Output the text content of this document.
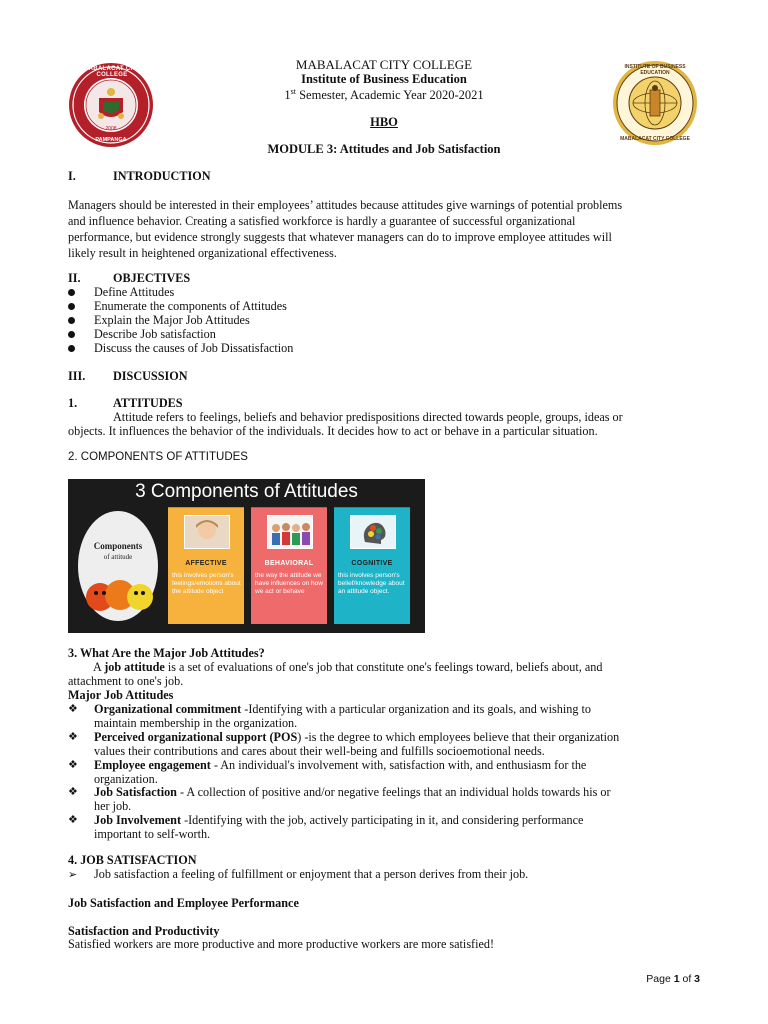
MABALACAT CITY COLLEGE
2008
PAMPANGA
INSTITUTE OF BUSINESS EDUCATION
MABALACAT CITY COLLEGE
MABALACAT CITY COLLEGE
Institute of Business Education
1st Semester, Academic Year 2020-2021
HBO
MODULE 3: Attitudes and Job Satisfaction
I.	INTRODUCTION
Managers should be interested in their employees’ attitudes because attitudes give warnings of potential problems
and influence behavior. Creating a satisfied workforce is hardly a guarantee of successful organizational
performance, but evidence strongly suggests that whatever managers can do to improve employee attitudes will
likely result in heightened organizational effectiveness.
II.	OBJECTIVES
Define Attitudes
Enumerate the components of Attitudes
Explain the Major Job Attitudes
Describe Job satisfaction
Discuss the causes of Job Dissatisfaction
III. DISCUSSION
1.	ATTITUDES
Attitude refers to feelings, beliefs and behavior predispositions directed towards people, groups, ideas or
objects. It influences the behavior of the individuals. It decides how to act or behave in a particular situation.
2. COMPONENTS OF ATTITUDES
3 Components of Attitudes
Components
of attitude
AFFECTIVE
this involves person's feelings/emotions about the attitude object
BEHAVIORAL
the way the attitude we have influences on how we act or behave
COGNITIVE
this involves person's belief/knowledge about an attitude object.
3. What Are the Major Job Attitudes?
A job attitude is a set of evaluations of one's job that constitute one's feelings toward, beliefs about, and
attachment to one's job.
Major Job Attitudes
❖ Organizational commitment -Identifying with a particular organization and its goals, and wishing to
maintain membership in the organization.
❖ Perceived organizational support (POS) -is the degree to which employees believe that their organization
values their contributions and cares about their well-being and fulfills socioemotional needs.
❖ Employee engagement - An individual's involvement with, satisfaction with, and enthusiasm for the
organization.
❖ Job Satisfaction - A collection of positive and/or negative feelings that an individual holds towards his or
her job.
❖ Job Involvement -Identifying with the job, actively participating in it, and considering performance
important to self-worth.
4. JOB SATISFACTION
➢ Job satisfaction a feeling of fulfillment or enjoyment that a person derives from their job.
Job Satisfaction and Employee Performance
Satisfaction and Productivity
Satisfied workers are more productive and more productive workers are more satisfied!
Page 1 of 3
